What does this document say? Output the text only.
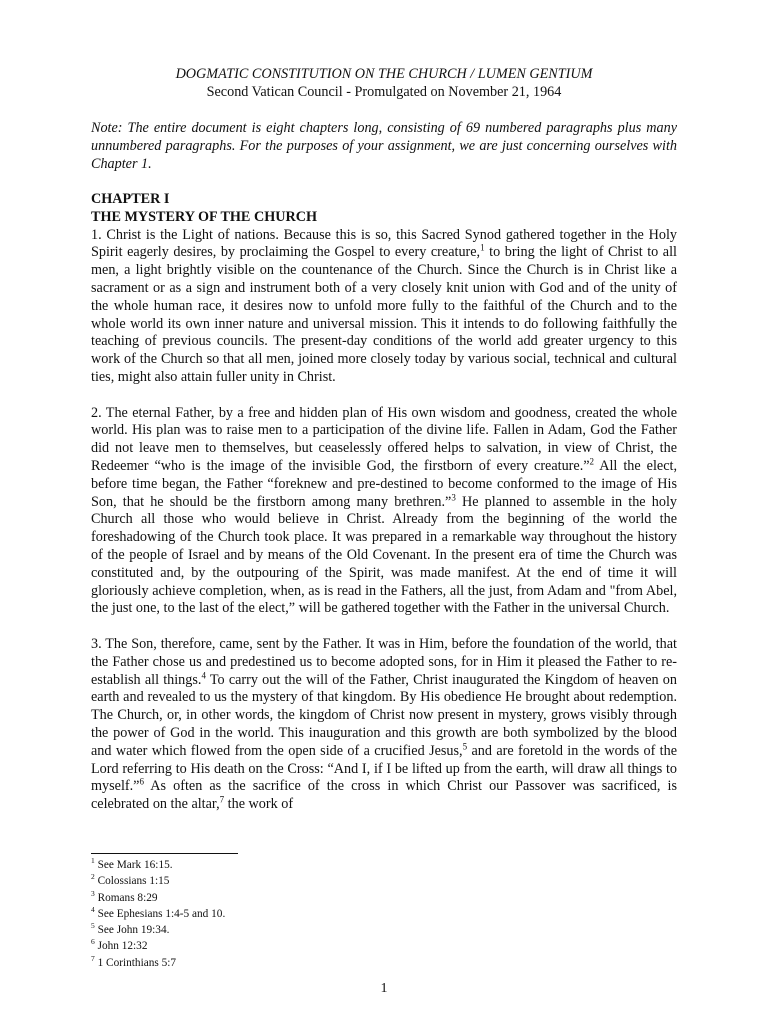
DOGMATIC CONSTITUTION ON THE CHURCH / LUMEN GENTIUM
Second Vatican Council - Promulgated on November 21, 1964
Note: The entire document is eight chapters long, consisting of 69 numbered paragraphs plus many unnumbered paragraphs. For the purposes of your assignment, we are just concerning ourselves with Chapter 1.
CHAPTER I
THE MYSTERY OF THE CHURCH

1. Christ is the Light of nations. Because this is so, this Sacred Synod gathered together in the Holy Spirit eagerly desires, by proclaiming the Gospel to every creature,$^1$ to bring the light of Christ to all men, a light brightly visible on the countenance of the Church. Since the Church is in Christ like a sacrament or as a sign and instrument both of a very closely knit union with God and of the unity of the whole human race, it desires now to unfold more fully to the faithful of the Church and to the whole world its own inner nature and universal mission. This it intends to do following faithfully the teaching of previous councils. The present-day conditions of the world add greater urgency to this work of the Church so that all men, joined more closely today by various social, technical and cultural ties, might also attain fuller unity in Christ.

2. The eternal Father, by a free and hidden plan of His own wisdom and goodness, created the whole world. His plan was to raise men to a participation of the divine life. Fallen in Adam, God the Father did not leave men to themselves, but ceaselessly offered helps to salvation, in view of Christ, the Redeemer “who is the image of the invisible God, the firstborn of every creature.”$^2$ All the elect, before time began, the Father “foreknew and pre-destined to become conformed to the image of His Son, that he should be the firstborn among many brethren.”$^3$ He planned to assemble in the holy Church all those who would believe in Christ. Already from the beginning of the world the foreshadowing of the Church took place. It was prepared in a remarkable way throughout the history of the people of Israel and by means of the Old Covenant. In the present era of time the Church was constituted and, by the outpouring of the Spirit, was made manifest. At the end of time it will gloriously achieve completion, when, as is read in the Fathers, all the just, from Adam and "from Abel, the just one, to the last of the elect,” will be gathered together with the Father in the universal Church.

3. The Son, therefore, came, sent by the Father. It was in Him, before the foundation of the world, that the Father chose us and predestined us to become adopted sons, for in Him it pleased the Father to re-establish all things.$^4$ To carry out the will of the Father, Christ inaugurated the Kingdom of heaven on earth and revealed to us the mystery of that kingdom. By His obedience He brought about redemption. The Church, or, in other words, the kingdom of Christ now present in mystery, grows visibly through the power of God in the world. This inauguration and this growth are both symbolized by the blood and water which flowed from the open side of a crucified Jesus,$^5$ and are foretold in the words of the Lord referring to His death on the Cross: “And I, if I be lifted up from the earth, will draw all things to myself.”$^6$ As often as the sacrifice of the cross in which Christ our Passover was sacrificed, is celebrated on the altar,$^7$ the work of

$^1$ See Mark 16:15.
$^2$ Colossians 1:15
$^3$ Romans 8:29
$^4$ See Ephesians 1:4-5 and 10.
$^5$ See John 19:34.
$^6$ John 12:32
$^7$ 1 Corinthians 5:7
1
